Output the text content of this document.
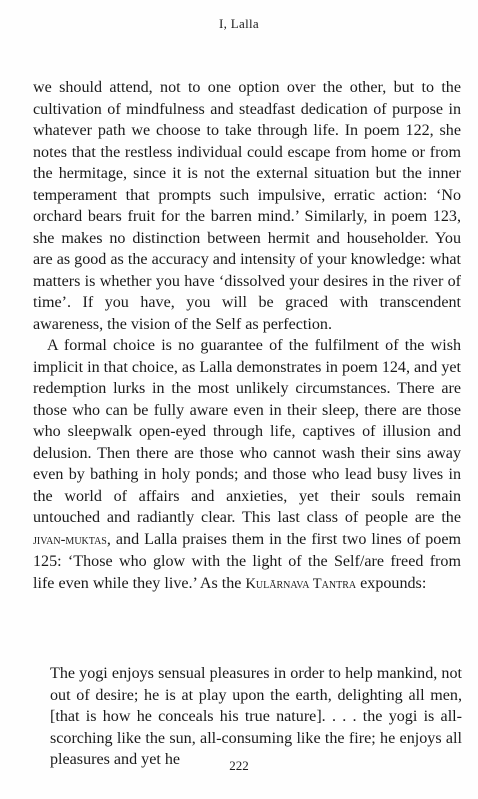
I, Lalla

we should attend, not to one option over the other, but to the cultivation of mindfulness and steadfast dedication of purpose in whatever path we choose to take through life. In poem 122, she notes that the restless individual could escape from home or from the hermitage, since it is not the external situation but the inner temperament that prompts such impulsive, erratic action: ‘No orchard bears fruit for the barren mind.’ Similarly, in poem 123, she makes no distinction between hermit and householder. You are as good as the accuracy and intensity of your knowledge: what matters is whether you have ‘dissolved your desires in the river of time’. If you have, you will be graced with transcendent awareness, the vision of the Self as perfection.

A formal choice is no guarantee of the fulfilment of the wish implicit in that choice, as Lalla demonstrates in poem 124, and yet redemption lurks in the most unlikely circumstances. There are those who can be fully aware even in their sleep, there are those who sleepwalk open-eyed through life, captives of illusion and delusion. Then there are those who cannot wash their sins away even by bathing in holy ponds; and those who lead busy lives in the world of affairs and anxieties, yet their souls remain untouched and radiantly clear. This last class of people are the jivan-muktas, and Lalla praises them in the first two lines of poem 125: ‘Those who glow with the light of the Self/are freed from life even while they live.’ As the Kulārnava Tantra expounds:

The yogi enjoys sensual pleasures in order to help mankind, not out of desire; he is at play upon the earth, delighting all men, [that is how he conceals his true nature]. . . . the yogi is all-scorching like the sun, all-consuming like the fire; he enjoys all pleasures and yet he	222
